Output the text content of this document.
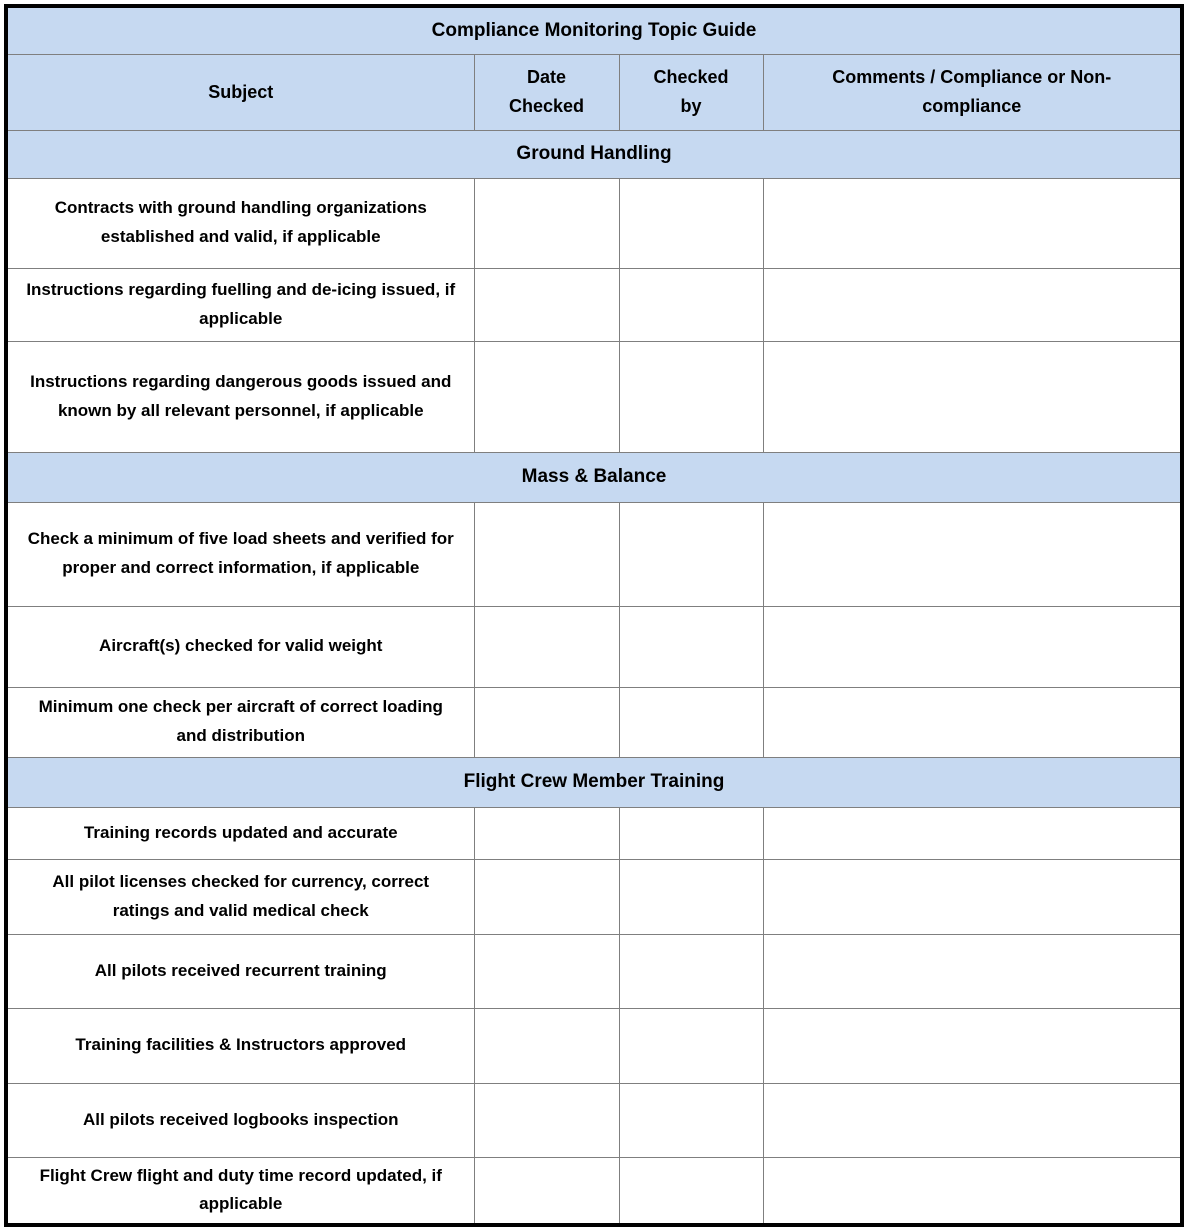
Compliance Monitoring Topic Guide			

Subject	Date Checked	Checked by	Comments / Compliance or Non-compliance

Ground Handling			
Contracts with ground handling organizations established and valid, if applicable			
Instructions regarding fuelling and de-icing issued, if applicable			
Instructions regarding dangerous goods issued and known by all relevant personnel, if applicable			
Mass & Balance			
Check a minimum of five load sheets and verified for proper and correct information, if applicable			
Aircraft(s) checked for valid weight			
Minimum one check per aircraft of correct loading and distribution			
Flight Crew Member Training			
Training records updated and accurate			
All pilot licenses checked for currency, correct ratings and valid medical check			
All pilots received recurrent training			
Training facilities & Instructors approved			
All pilots received logbooks inspection			
Flight Crew flight and duty time record updated, if applicable			
